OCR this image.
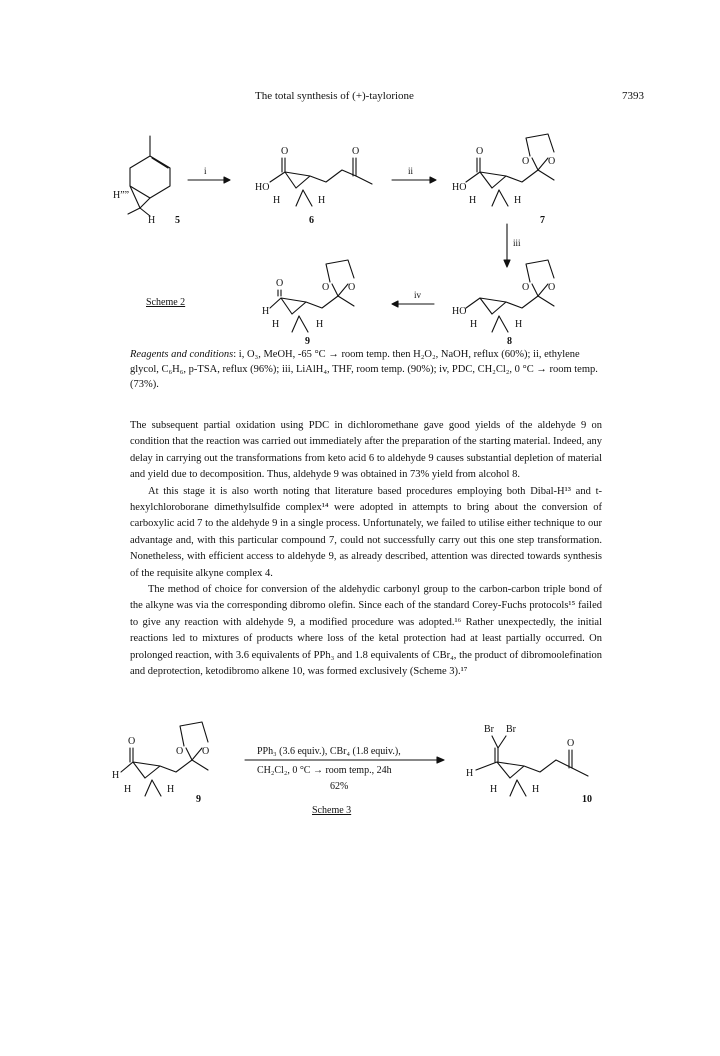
The total synthesis of (+)-taylorione	7393
Hˮˮ
H 5
i
O
HO
O
H	H
6
ii
O
HO
O O
H	H
7
iii
HO
O O
H	H
8
iv
O
H
O O
H	H
9
Scheme 2
Reagents and conditions: i, O₃, MeOH, -65 °C → room temp. then H₂O₂, NaOH, reflux (60%); ii, ethylene glycol, C₆H₆, p-TSA, reflux (96%); iii, LiAlH₄, THF, room temp. (90%); iv, PDC, CH₂Cl₂, 0 °C → room temp. (73%).

The subsequent partial oxidation using PDC in dichloromethane gave good yields of the aldehyde 9 on condition that the reaction was carried out immediately after the preparation of the starting material. Indeed, any delay in carrying out the transformations from keto acid 6 to aldehyde 9 causes substantial depletion of material and yield due to decomposition. Thus, aldehyde 9 was obtained in 73% yield from alcohol 8.

At this stage it is also worth noting that literature based procedures employing both Dibal-H¹³ and t-hexylchloroborane dimethylsulfide complex¹⁴ were adopted in attempts to bring about the conversion of carboxylic acid 7 to the aldehyde 9 in a single process. Unfortunately, we failed to utilise either technique to our advantage and, with this particular compound 7, could not successfully carry out this one step transformation. Nonetheless, with efficient access to aldehyde 9, as already described, attention was directed towards synthesis of the requisite alkyne complex 4.

The method of choice for conversion of the aldehydic carbonyl group to the carbon-carbon triple bond of the alkyne was via the corresponding dibromo olefin. Since each of the standard Corey-Fuchs protocols¹⁵ failed to give any reaction with aldehyde 9, a modified procedure was adopted.¹⁶ Rather unexpectedly, the initial reactions led to mixtures of products where loss of the ketal protection had at least partially occurred. On prolonged reaction, with 3.6 equivalents of PPh₃ and 1.8 equivalents of CBr₄, the product of dibromoolefination and deprotection, ketodibromo alkene 10, was formed exclusively (Scheme 3).¹⁷

O
H
O O
H	H
9
PPh₃ (3.6 equiv.), CBr₄ (1.8 equiv.),
CH₂Cl₂, 0 °C → room temp., 24h
62%
Scheme 3
Br Br
H
O
H	H
10
